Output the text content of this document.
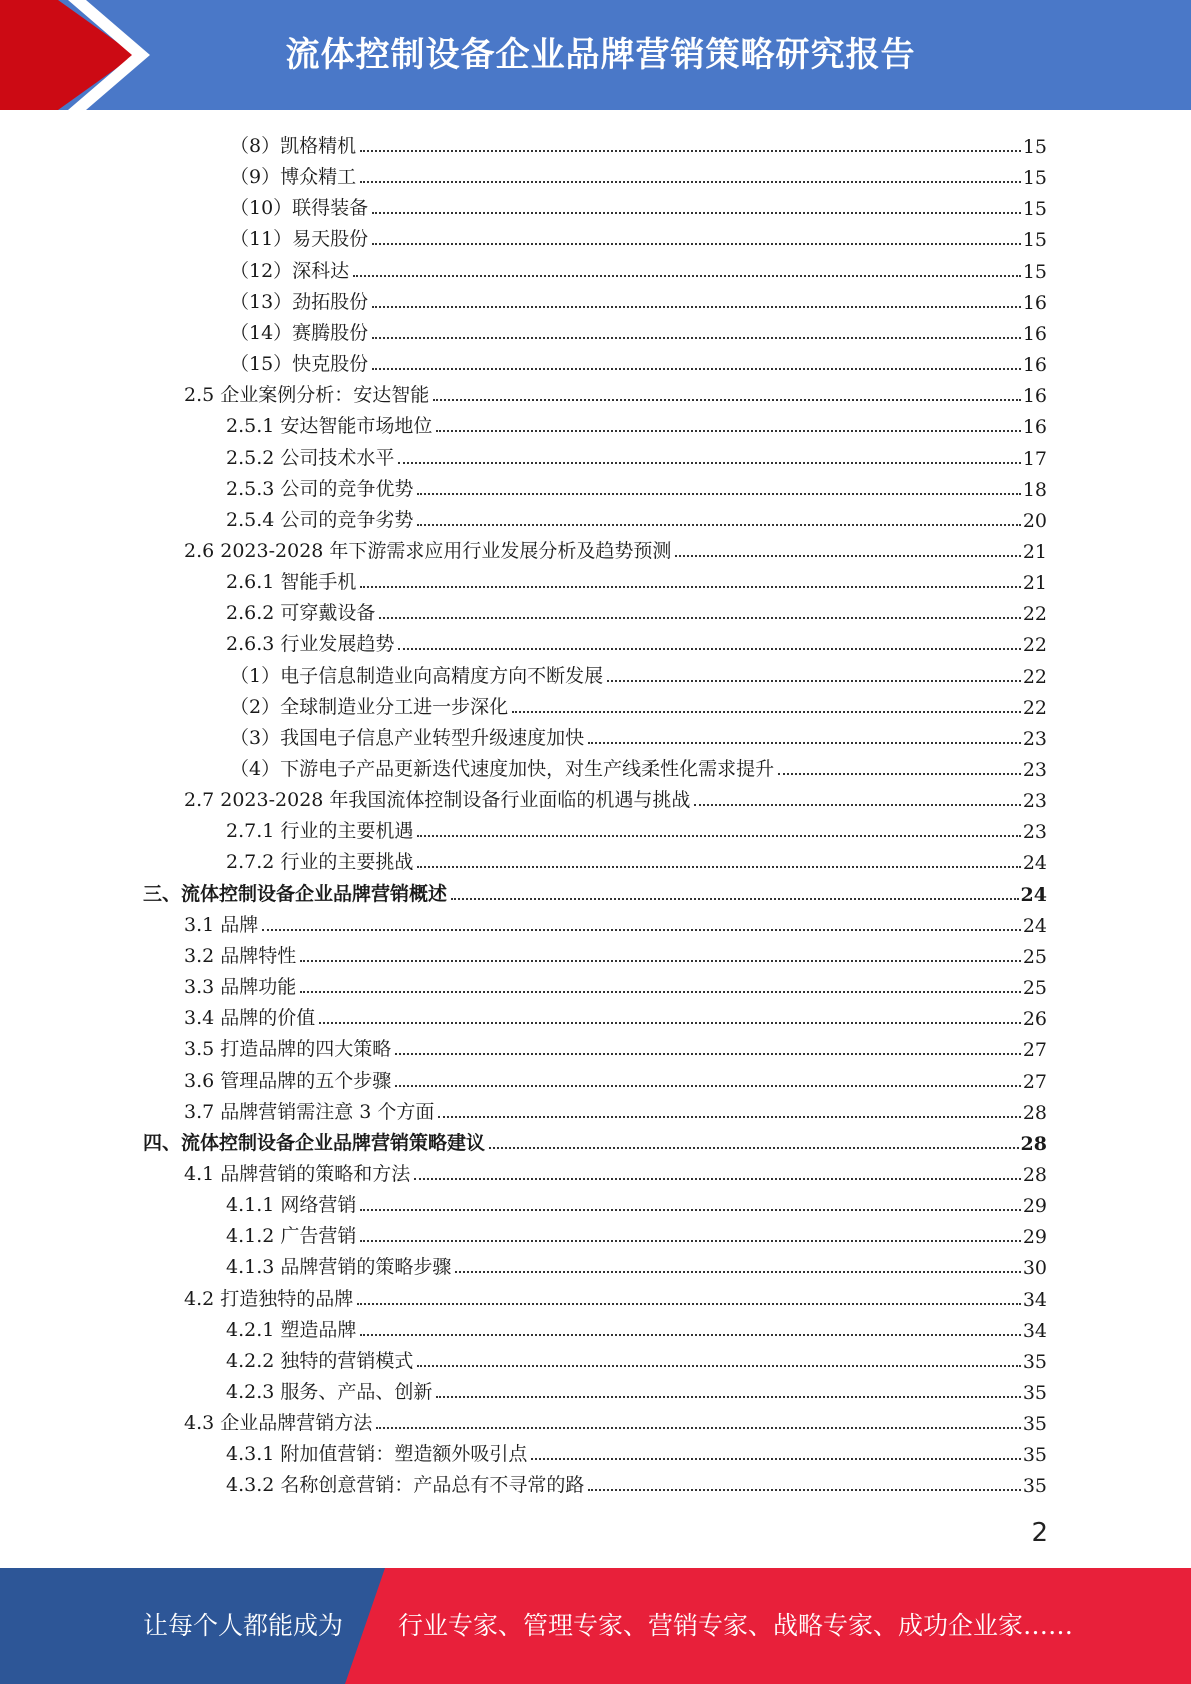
流体控制设备企业品牌营销策略研究报告
（8）凯格精机	15
（9）博众精工	15
（10）联得装备	15
（11）易天股份	15
（12）深科达	15
（13）劲拓股份	16
（14）赛腾股份	16
（15）快克股份	16
2.5 企业案例分析：安达智能	16
2.5.1 安达智能市场地位	16
2.5.2 公司技术水平	17
2.5.3 公司的竞争优势	18
2.5.4 公司的竞争劣势	20
2.6 2023-2028 年下游需求应用行业发展分析及趋势预测	21
2.6.1 智能手机	21
2.6.2 可穿戴设备	22
2.6.3 行业发展趋势	22
（1）电子信息制造业向高精度方向不断发展	22
（2）全球制造业分工进一步深化	22
（3）我国电子信息产业转型升级速度加快	23
（4）下游电子产品更新迭代速度加快，对生产线柔性化需求提升	23
2.7 2023-2028 年我国流体控制设备行业面临的机遇与挑战	23
2.7.1 行业的主要机遇	23
2.7.2 行业的主要挑战	24
三、流体控制设备企业品牌营销概述	24
3.1 品牌	24
3.2 品牌特性	25
3.3 品牌功能	25
3.4 品牌的价值	26
3.5 打造品牌的四大策略	27
3.6 管理品牌的五个步骤	27
3.7 品牌营销需注意 3 个方面	28
四、流体控制设备企业品牌营销策略建议	28
4.1 品牌营销的策略和方法	28
4.1.1 网络营销	29
4.1.2 广告营销	29
4.1.3 品牌营销的策略步骤	30
4.2 打造独特的品牌	34
4.2.1 塑造品牌	34
4.2.2 独特的营销模式	35
4.2.3 服务、产品、创新	35
4.3 企业品牌营销方法	35
4.3.1 附加值营销：塑造额外吸引点	35
4.3.2 名称创意营销：产品总有不寻常的路	35
2
让每个人都能成为 行业专家、管理专家、营销专家、战略专家、成功企业家……
